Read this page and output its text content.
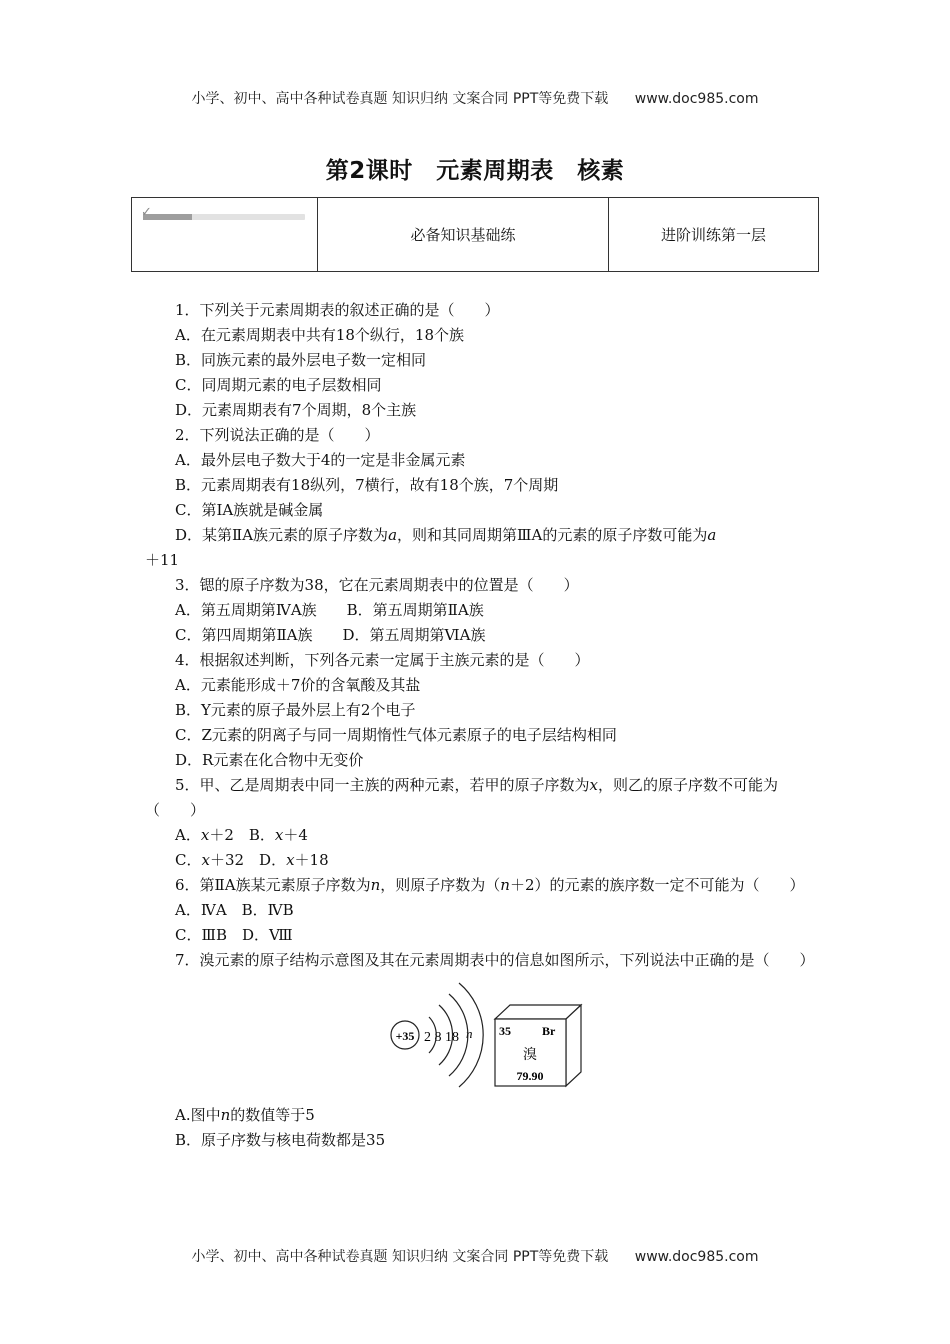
小学、初中、高中各种试卷真题 知识归纳 文案合同 PPT等免费下载 www.doc985.com
第2课时　元素周期表　核素
✓
	必备知识基础练	进阶训练第一层

1．下列关于元素周期表的叙述正确的是（　　）

A．在元素周期表中共有18个纵行，18个族

B．同族元素的最外层电子数一定相同

C．同周期元素的电子层数相同

D．元素周期表有7个周期，8个主族

2．下列说法正确的是（　　）

A．最外层电子数大于4的一定是非金属元素

B．元素周期表有18纵列，7横行，故有18个族，7个周期

C．第ⅠA族就是碱金属

D．某第ⅡA族元素的原子序数为a，则和其同周期第ⅢA的元素的原子序数可能为a

＋11

3．锶的原子序数为38，它在元素周期表中的位置是（　　）

A．第五周期第ⅣA族　　B．第五周期第ⅡA族

C．第四周期第ⅡA族　　D．第五周期第ⅥA族

4．根据叙述判断，下列各元素一定属于主族元素的是（　　）

A．元素能形成＋7价的含氧酸及其盐

B．Y元素的原子最外层上有2个电子

C．Z元素的阴离子与同一周期惰性气体元素原子的电子层结构相同

D．R元素在化合物中无变价

5．甲、乙是周期表中同一主族的两种元素，若甲的原子序数为x，则乙的原子序数不可能为（　　）

A．x＋2　B．x＋4

C．x＋32　D．x＋18

6．第ⅡA族某元素原子序数为n，则原子序数为（n＋2）的元素的族序数一定不可能为（　　）

A．ⅣA　B．ⅣB

C．ⅢB　D．Ⅷ

7．溴元素的原子结构示意图及其在元素周期表中的信息如图所示，下列说法中正确的是（　　）

+35 2 8 18 n 35	Br
溴
79.90

A.图中n的数值等于5

B．原子序数与核电荷数都是35

小学、初中、高中各种试卷真题 知识归纳 文案合同 PPT等免费下载 www.doc985.com
